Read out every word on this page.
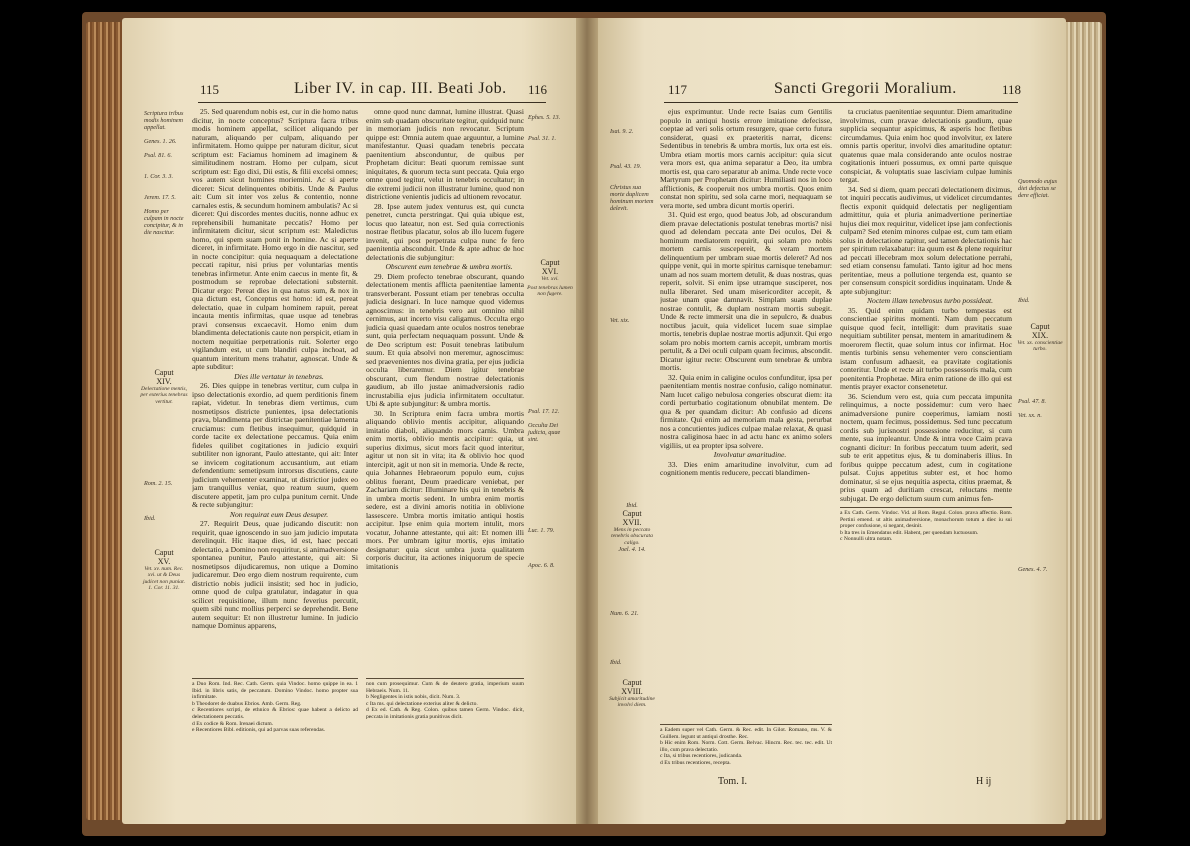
115	Liber IV. in cap. III. Beati Job. 116
Scriptura tribus modis hominem appellat.

Genes. 1. 26.

Psal. 81. 6.

1. Cor. 3. 3.

Jerem. 17. 5.

Homo per culpam in nocte concipitur, & in die nascitur.
Caput
XIV.
Delectatione mentis, per exterius tenebras vertitur.
Rom. 2. 15.

Ibid.
Caput
XV.
Vet. xv. num. Rec. xvi. ut & Deus judicet non puniat.
1. Cor. 11. 31.

25. Sed quarendum nobis est, cur in die homo natus dicitur, in nocte conceptus? Scriptura facra tribus modis hominem appellat, scilicet aliquando per naturam, aliquando per culpam, aliquando per infirmitatem. Homo quippe per naturam dicitur, sicut scriptum est: Faciamus hominem ad imaginem & similitudinem nostram. Homo per culpam, sicut scriptum est: Ego dixi, Dii estis, & filii excelsi omnes; vos autem sicut homines moriemini. Ac si aperte diceret: Sicut delinquentes obibitis. Unde & Paulus ait: Cum sit inter vos zelus & contentio, nonne carnales estis, & secundum hominem ambulatis? Ac si diceret: Qui discordes mentes ducitis, nonne adhuc ex reprehensibili humanitate peccatis? Homo per infirmitatem dicitur, sicut scriptum est: Maledictus homo, qui spem suam ponit in homine. Ac si aperte diceret, in infirmitate. Homo ergo in die nascitur, sed in nocte concipitur: quia nequaquam a delectatione peccati rapitur, nisi prius per voluntarias mentis tenebras infirmetur. Ante enim caecus in mente fit, & postmodum se reprobae delectationi substernit. Dicatur ergo: Pereat dies in qua natus sum, & nox in qua dictum est, Conceptus est homo: id est, pereat delectatio, quae in culpam hominem rapuit, pereat incauta mentis infirmitas, quae usque ad tenebras pravi consensus excaecavit. Homo enim dum blandimenta delectationis caute non perspicit, etiam in noctem nequitiae perpetrationis ruit. Solerter ergo vigilandum est, ut cum blandiri culpa inchoat, ad quantum interitum mens trahatur, agnoscat. Unde & apte subditur:

Dies ille vertatur in tenebras.

26. Dies quippe in tenebras vertitur, cum culpa in ipso delectationis exordio, ad quem perditionis finem rapiat, videtur. In tenebras diem vertimus, cum nosmetipsos districte punientes, ipsa delectationis prava, blandimenta per districtae paenitentiae lamenta cruciamus: cum fletibus insequimur, quidquid in corde tacite ex delectatione peccamus. Quia enim fideles quilibet cogitationes in judicio exquiri subtiliter non ignorant, Paulo attestante, qui ait: Inter se invicem cogitationum accusantium, aut etiam defendentium: semetipsum introrsus discutiens, caute judicium vehementer examinat, ut districtior judex eo jam tranquillus veniat, quo reatum suum, quem discutere appetit, jam pro culpa punitum cernit. Unde & recte subjungitur:

Non requirat eum Deus desuper.

27. Requirit Deus, quae judicando discutit: non requirit, quae ignoscendo in suo jam judicio imputata derelinquit. Hic itaque dies, id est, haec peccati delectatio, a Domino non requiritur, si animadversione spontanea punitur, Paulo attestante, qui ait: Si nosmetipsos dijudicaremus, non utique a Domino judicaremur. Deo ergo diem nostrum requirente, cum districtio nobis judicii insistit; sed hoc in judicio, omne quod de culpa gratulatur, indagatur in qua scilicet requisitione, illum nunc feverius percutit, quem sibi nunc mollius perperci se deprehendit. Bene autem sequitur: Et non illustretur lumine. In judicio namque Dominus apparens,

omne quod nunc damnat, lumine illustrat. Quasi enim sub quadam obscuritate tegitur, quidquid nunc in memoriam judicis non revocatur. Scriptum quippe est: Omnia autem quae arguuntur, a lumine manifestantur. Quasi quadam tenebris peccata paenitentium absconduntur, de quibus per Prophetam dicitur: Beati quorum remissae sunt iniquitates, & quorum tecta sunt peccata. Quia ergo omne quod tegitur, velut in tenebris occultatur; in die extremi judicii non illustratur lumine, quod non districtione venientis judicis ad ultionem revocatur.

28. Ipse autem judex venturus est, qui cuncta penetret, cuncta perstringat. Qui quia ubique est, locus quo lateatur, non est. Sed quia correctionis nostrae fletibus placatur, solos ab illo lucem fugere invenit, qui post perpetrata culpa nunc fe fero paenitentia absconduit. Unde & apte adhuc de hoc delectationis die subjungitur:

Obscurent eum tenebrae & umbra mortis.

29. Diem profecto tenebrae obscurant, quando delectationem mentis afflicta paenitentiae lamenta transverberant. Possunt etiam per tenebras occulta judicia designari. In luce namque quod videmus agnoscimus: in tenebris vero aut omnino nihil cernimus, aut incerto visu caligamus. Occulta ergo judicia quasi quaedam ante oculos nostros tenebrae sunt, quia perfectam nequaquam possunt. Unde & de Deo scriptum est: Posuit tenebras latibulum suum. Et quia absolvi non meremur, agnoscimus: sed praevenientes nos divina gratia, per ejus judicia occulta liberaremur. Diem igitur tenebrae obscurant, cum flendum nostrae delectationis gaudium, ab illo justae animadversionis radio incrustabilia ejus judicia infirmitatem occultatur. Ubi & apte subjungitur: & umbra mortis.

30. In Scriptura enim facra umbra mortis aliquando oblivio mentis accipitur, aliquando imitatio diaboli, aliquando mors carnis. Umbra enim mortis, oblivio mentis accipitur: quia, ut superius diximus, sicut mors facit quod interitur, agitur ut non sit in vita; ita & oblivio hoc quod intercipit, agit ut non sit in memoria. Unde & recte, quia Johannes Hebraeorum populo eum, cujus oblitus fuerant, Deum praedicare veniebat, per Zachariam dicitur: Illuminare his qui in tenebris & in umbra mortis sedent. In umbra enim mortis sedere, est a divini amoris notitia in oblivione lassescere. Umbra mortis imitatio antiqui hostis accipitur. Ipse enim quia mortem intulit, mors vocatur, Johanne attestante, qui ait: Et nomen illi mors. Per umbram igitur mortis, ejus imitatio designatur: quia sicut umbra juxta qualitatem corporis ducitur, ita actiones iniquorum de specie imitationis

Ephes. 5. 13.

Psal. 31. 1.

Caput
XVI.
Vet. xvi.
Post tenebras lumen non fugere.
Psal. 17. 12.

Occulta Dei judicia, quae sint.

Luc. 1. 79.

Apoc. 6. 8.
a Duo Rom. Ind. Rec. Cath. Germ. quia Vindoc. homo quippe in ea. 1 Ibid. in libris satis, de peccatum. Domino Vindoc. homo propter sua infirmitate.
b Theodoret de duabus Ebrios. Amb. Germ. Reg.
c Recentiores scripti, de ethnico & Ebrios: quae habent a delicto ad delectationem peccatis.
d Ex codice & Rom. Irenaei dictum.
e Recentiores Bibl. editionis, qui ad parvas suas referendas.
non cum prosequimur. Cum & de deutero gratia, imperium suum Hebraeis. Num. 11.
b Negligentes in istis nobis, dicit. Num. 3.
c Ita ms. qui delectatione exterius aliter & delicto.
d Ex ed. Cath. & Reg. Colon. quibus tamen Germ. Vindoc. dicit, peccata in imitationis gratia punitivas dicit.
117	Sancti Gregorii Moralium.	118
Isai. 9. 2.

Psal. 43. 19.

Christus sua morte duplicem hominum mortem delevit.

Vet. xix.
Ibid.
Caput
XVII.
Mens in peccato tenebris obscurata caligo.
Joel. 4. 14.
Num. 6. 21.

Ibid.
Caput
XVIII.
Subjicit amaritudine involvi diem.

ejus exprimuntur. Unde recte Isaias cum Gentilis populo in antiqui hostis errore imitatione defecisse, coeptae ad veri solis ortum resurgere, quae certo futura considerat, quasi ex praeteritis narrat, dicens: Sedentibus in tenebris & umbra mortis, lux orta est eis. Umbra etiam mortis mors carnis accipitur: quia sicut vera mors est, qua anima separatur a Deo, ita umbra mortis est, qua caro separatur ab anima. Unde recte voce Martyrum per Prophetam dicitur: Humiliasti nos in loco afflictionis, & cooperuit nos umbra mortis. Quos enim constat non spiritu, sed sola carne mori, nequaquam se vera morte, sed umbra dicunt mortis operiri.

31. Quid est ergo, quod beatus Job, ad obscurandum diem pravae delectationis postulat tenebras mortis? nisi quod ad delendam peccata ante Dei oculos, Dei & hominum mediatorem requirit, qui solam pro nobis mortem carnis suscepereit, & veram mortem delinquentium per umbram suae mortis deleret? Ad nos quippe venit, qui in morte spiritus carnisque tenebamur: unam ad nos suam mortem detulit, & duas nostras, quas reperit, solvit. Si enim ipse utramque susciperet, nos nulla liberaret. Sed unam misericorditer accepit, & justae unam quae damnavit. Simplam suam duplae nostrae contulit, & duplam nostram mortis subegit. Unde & recte immersit una die in sepulcro, & duabus noctibus jacuit, quia videlicet lucem suae simplae mortis, tenebris duplae nostrae mortis adjunxit. Qui ergo solam pro nobis mortem carnis accepit, umbram mortis pertulit, & a Dei oculi culpam quam fecimus, abscondit. Dicatur igitur recte: Obscurent eum tenebrae & umbra mortis.

32. Quia enim in caligine oculos confunditur, ipsa per paenitentiam mentis nostrae confusio, caligo nominatur. Nam lucet caligo nebulosa congeries obscurat diem: ita cordi perturbatio cogitationum obnubilat mentem. De qua & per quandam dicitur: Ab confusio ad dicens firmitate. Qui enim ad memoriam mala gesta, perurbat nos a concutientes judices culpae malae relaxat, & quasi nostra caliginosa haec in ad actu hanc ex animo solers vigiliis, ut ea propter ipsa solvere.

Involvatur amaritudine.

33. Dies enim amaritudine involvitur, cum ad cognitionem mentis reducere, peccati blandimen-

ta cruciatus paenitentiae sequuntur. Diem amaritudine involvimus, cum pravae delectationis gaudium, quae supplicia sequantur aspicimus, & asperis hoc fletibus circumdamus. Quia enim hoc quod involvitur, ex latere omnis partis operitur, involvi dies amaritudine optatur: quatenus quae mala considerando ante oculos nostrae cogitationis intueri possumus, ex omni parte quisque conspiciat, & voluptatis suae lasciviam culpae luminis tergat.

34. Sed si diem, quam peccati delectationem diximus, tot inquiri peccatis audivimus, ut videlicet circumdantes flectis exponit quidquid delectatis per negligentiam admittitur, quia et pluria animadvertione perinertiae hujus diei mox requiritur, videlicet ipse jam confectionis culpam? Sed etenim minores culpae est, cum tam etiam solus in delectatione rapitur, sed tamen delectationis hac per spiritum relaxabatur: ita quum est & plene requiritur ad peccati illecebram mox solum delectatione perrahi, sed etiam consensu famulati. Tanto igitur ad hoc mens peritentiae, meus a pollutione tergenda est, quanto se per consensum conspicit sordidius inquinatam. Unde & apte subjungitur:

Noctem illam tenebrosus turbo possideat.

35. Quid enim quidam turbo tempestas est conscientiae spiritus momenti. Nam dum peccatum quisque quod fecit, intelligit: dum pravitatis suae nequitiam subtiliter pensat, mentem in amaritudinem & moerorem flectit, quae solum intus cor infirmat. Hoc mentis turbinis sensu vehementer vero conscientiam istam confusum adhaesit, ea pravitate cogitationis conteritur. Unde et recte ait turbo possessoris mala, cum poenitentia Prophetae. Mira enim ratione de illo qui est mentis prayer exactor consenetetur.

36. Sciendum vero est, quia cum peccata impunita relinquimus, a nocte possidemur: cum vero haec animadversione punire coeperimus, iamiam nosti noctem, quam fecimus, possidemus. Sed tunc peccatum cordis sub jurisnostri possessione reducitur, si cum mente, sua impleantur. Unde & intra voce Caim prava cognanti dicitur: In foribus peccatum tuum aderit, sed sub te erit appetitus ejus, & tu dominaberis illius. In foribus quippe peccatum adest, cum in cogitatione pulsat. Cujus appetitus subter est, et hoc homo dominatur, si se ejus nequitia aspecta, citius praemat, & prius quam ad duritiam crescat, reluctans mente subjugat. De ergo delictum suum cum animus fen-

a Ex Cath. Germ. Vindoc. Vid. al Rom. Regul. Colon. prava affectio. Rom. Pertini emend. ut altis animadversione, monachorum totum a diec iu sui proper confusione, si negant, desinit.
b Ita tres in Emendatus edit. Habent, per quendam luctuosum.
c Nonnulli ultra notam.
Quomodo eujus diei defectus se dere efficiat.

Ibid.
Caput
XIX.
Vet. xx. conscientiae turbo.
Psal. 47. 8.

Vet. xx. n.

Genes. 4. 7.
a Eadem super vel Cath. Germ. & Rec. edit. In Gilot. Romano, ms. V. & Guillem. legunt ut antiqui drosthe. Rec.
b Hic enim Rom. Norm. Cott. Germ. Belvac. Hincm. Rec. tec. tec. edit. Ut illo, cum prava delectatio.
c Ita, si tribus recentiores, judicanda.
d Ex tribus recentiores, recepta.
Tom. I.	H ij
